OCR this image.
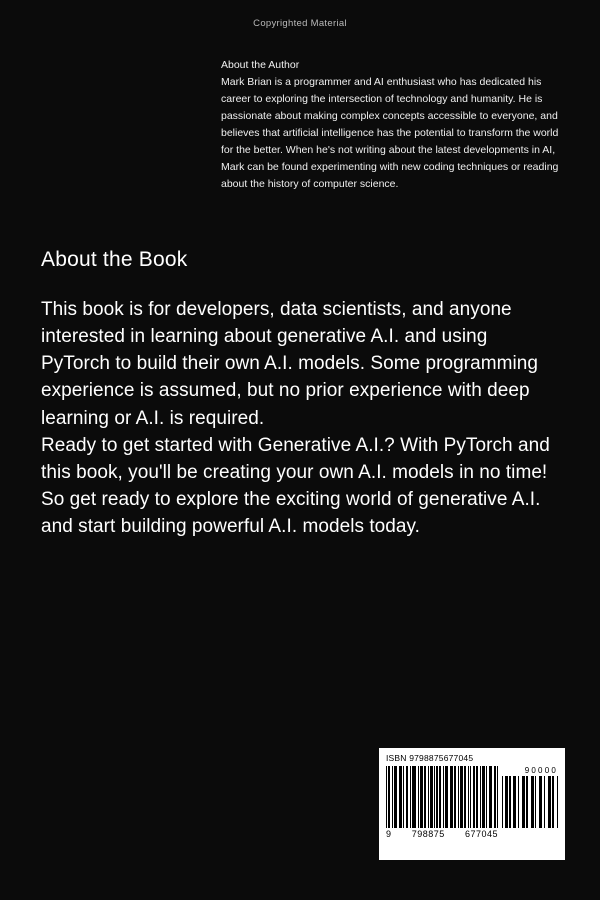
Copyrighted Material
About the Author
Mark Brian is a programmer and AI enthusiast who has dedicated his career to exploring the intersection of technology and humanity. He is passionate about making complex concepts accessible to everyone, and believes that artificial intelligence has the potential to transform the world for the better. When he's not writing about the latest developments in AI, Mark can be found experimenting with new coding techniques or reading about the history of computer science.
About the Book

This book is for developers, data scientists, and anyone interested in learning about generative A.I. and using PyTorch to build their own A.I. models. Some programming experience is assumed, but no prior experience with deep learning or A.I. is required.

Ready to get started with Generative A.I.? With PyTorch and this book, you'll be creating your own A.I. models in no time! So get ready to explore the exciting world of generative A.I. and start building powerful A.I. models today.

ISBN 9798875677045
9 798875 677045
90000
